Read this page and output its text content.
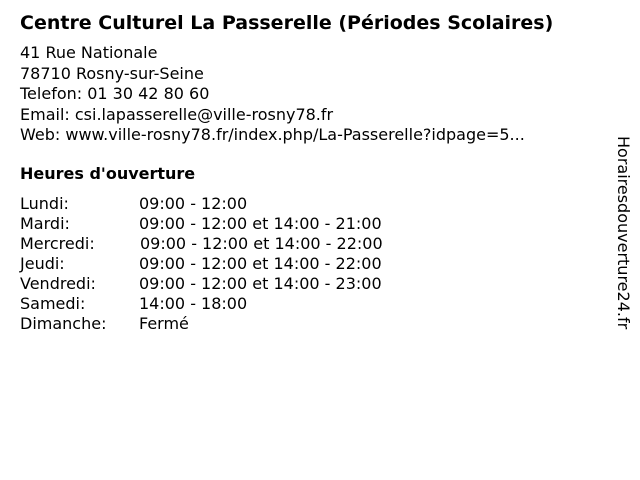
Centre Culturel La Passerelle (Périodes Scolaires)
41 Rue Nationale
78710 Rosny-sur-Seine
Telefon: 01 30 42 80 60
Email: csi.lapasserelle@ville-rosny78.fr
Web: www.ville-rosny78.fr/index.php/La-Passerelle?idpage=5...
Heures d'ouverture
Lundi:	09:00 - 12:00
Mardi:	09:00 - 12:00 et 14:00 - 21:00
Mercredi:	09:00 - 12:00 et 14:00 - 22:00
Jeudi:	09:00 - 12:00 et 14:00 - 22:00
Vendredi:	09:00 - 12:00 et 14:00 - 23:00
Samedi:	14:00 - 18:00
Dimanche: Fermé	Horairesdouverture24.fr
